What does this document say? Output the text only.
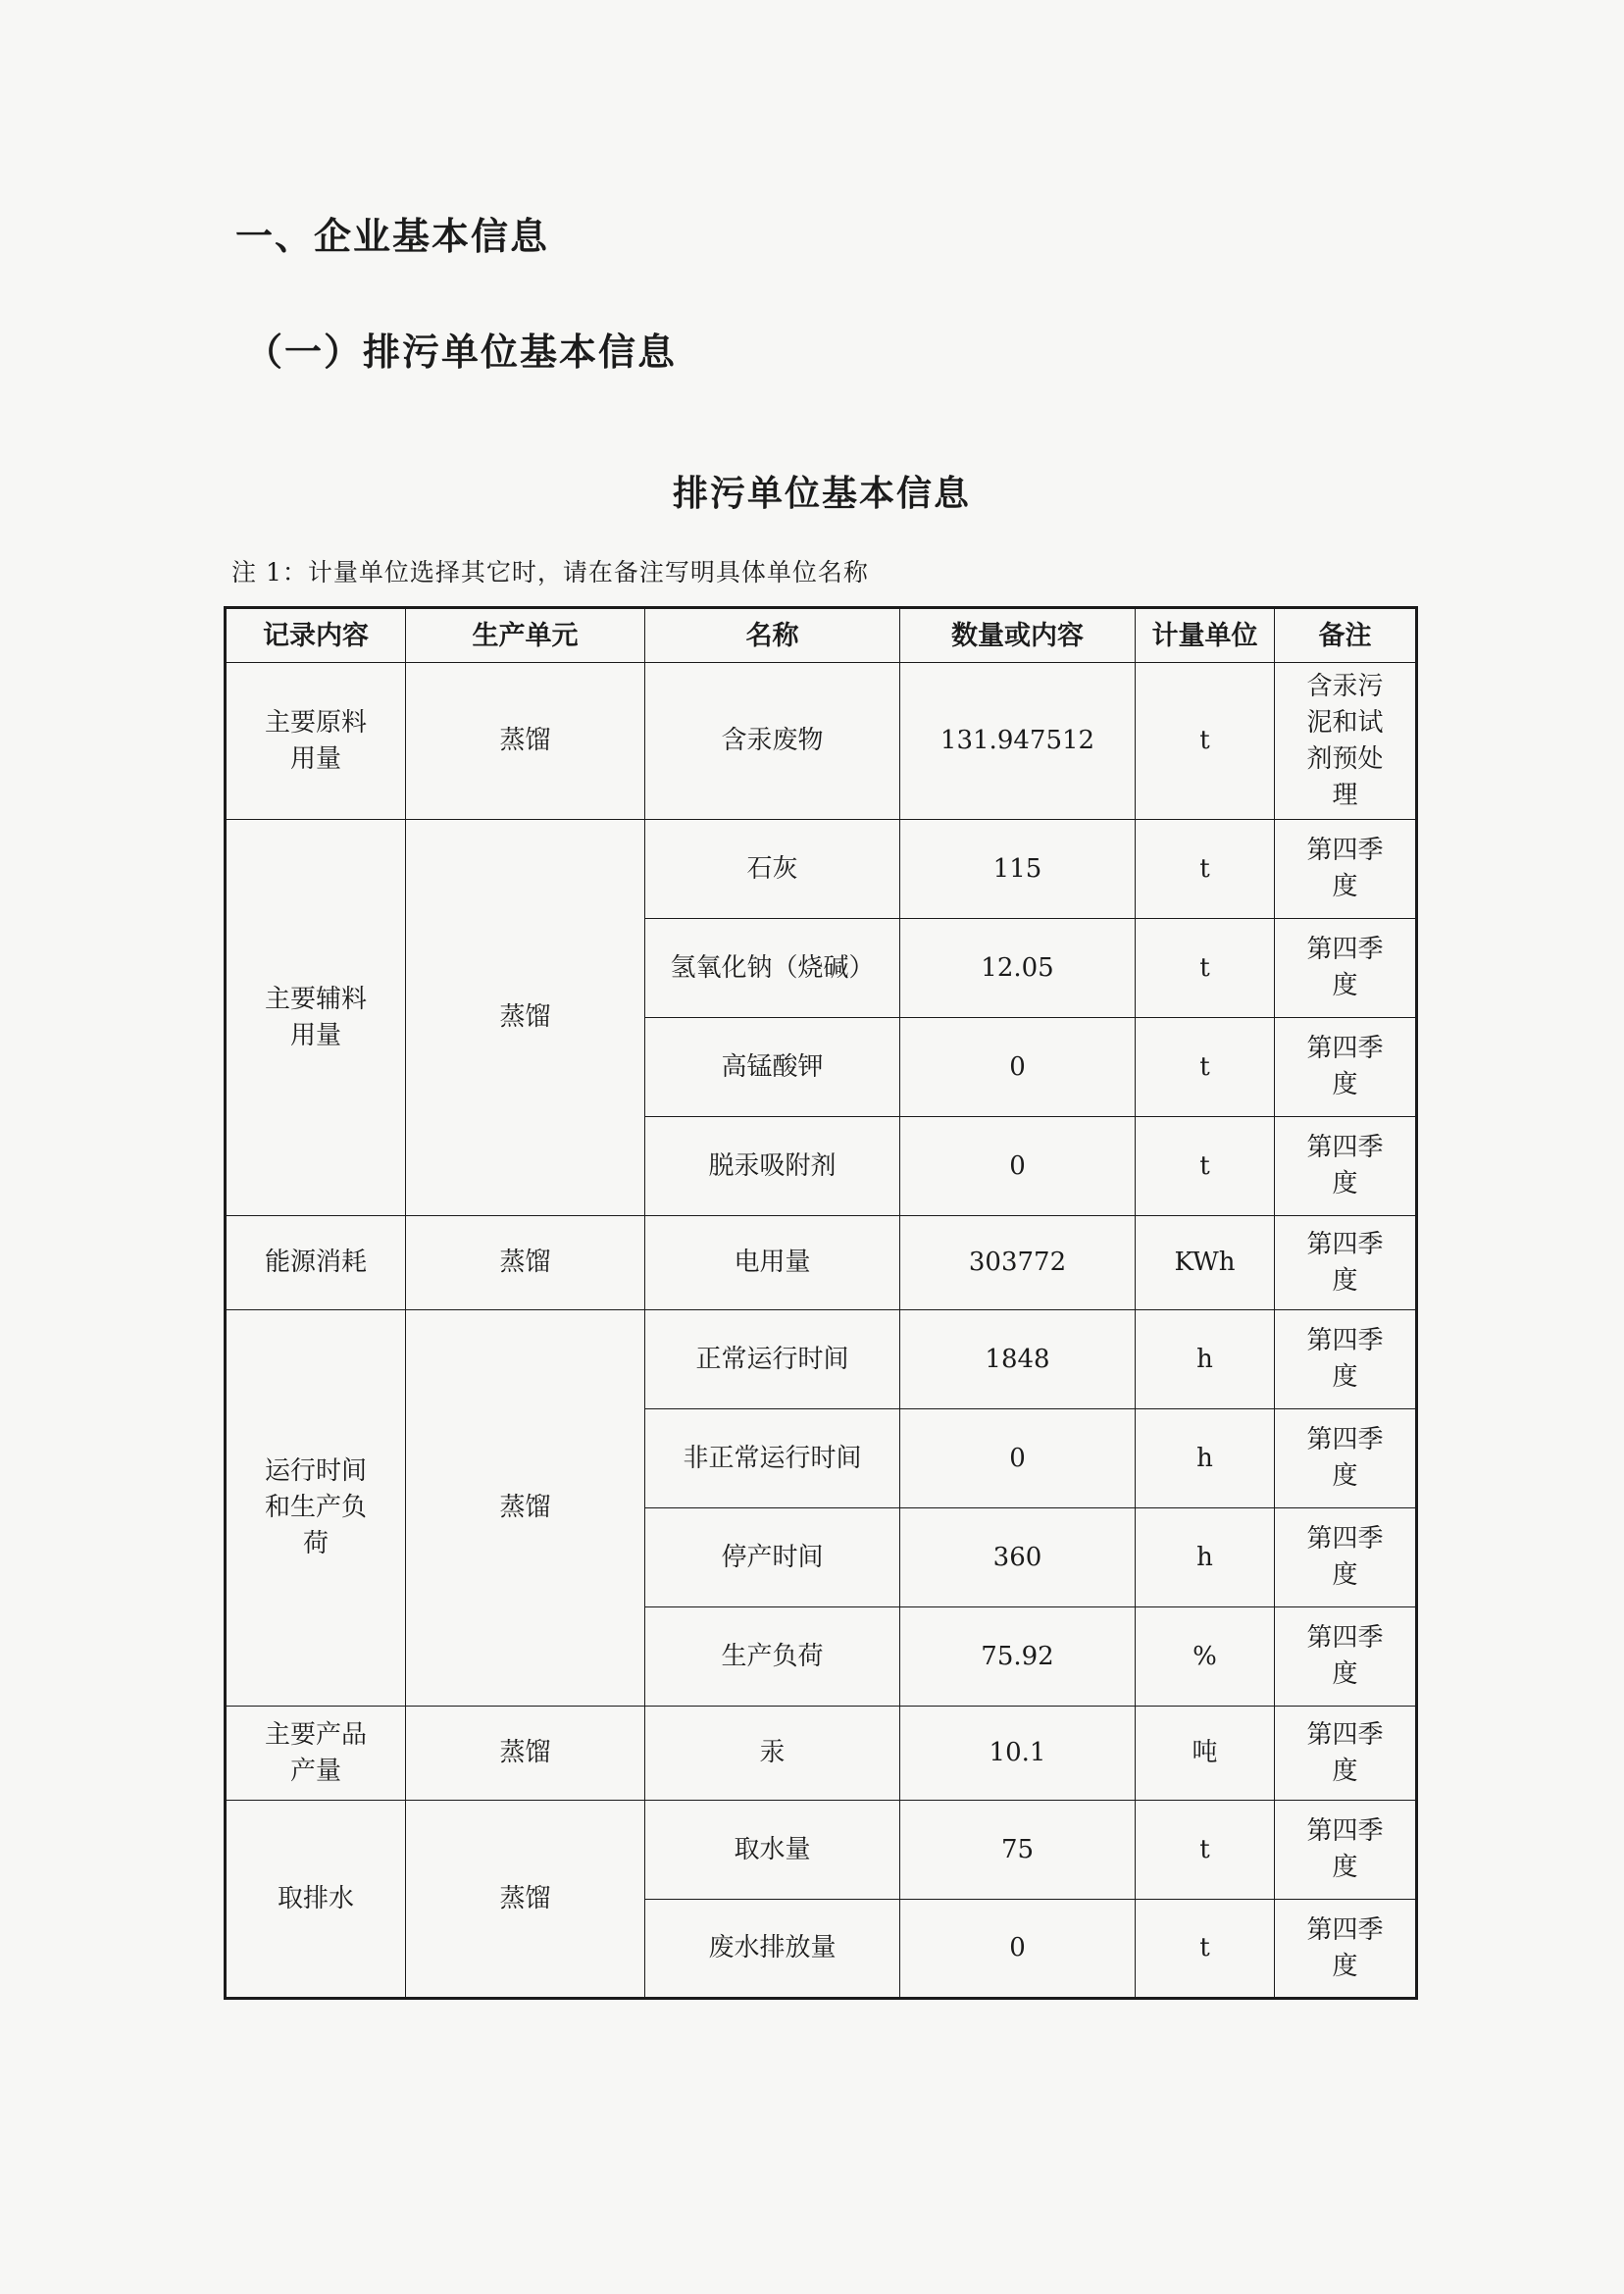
一、企业基本信息
（一）排污单位基本信息
排污单位基本信息
注 1：计量单位选择其它时，请在备注写明具体单位名称
记录内容	生产单元	名称	数量或内容	计量单位	备注
主要原料用量	蒸馏	含汞废物	131.947512	t	含汞污泥和试剂预处理
主要辅料用量	蒸馏	石灰	115	t	第四季度
		氢氧化钠（烧碱）	12.05	t	第四季度
		高锰酸钾	0	t	第四季度
		脱汞吸附剂	0	t	第四季度
能源消耗	蒸馏	电用量	303772	KWh	第四季度
运行时间和生产负荷	蒸馏	正常运行时间	1848	h	第四季度
		非正常运行时间	0	h	第四季度
		停产时间	360	h	第四季度
		生产负荷	75.92	%	第四季度
主要产品产量	蒸馏	汞	10.1	吨	第四季度
取排水	蒸馏	取水量	75	t	第四季度
		废水排放量	0	t	第四季度
